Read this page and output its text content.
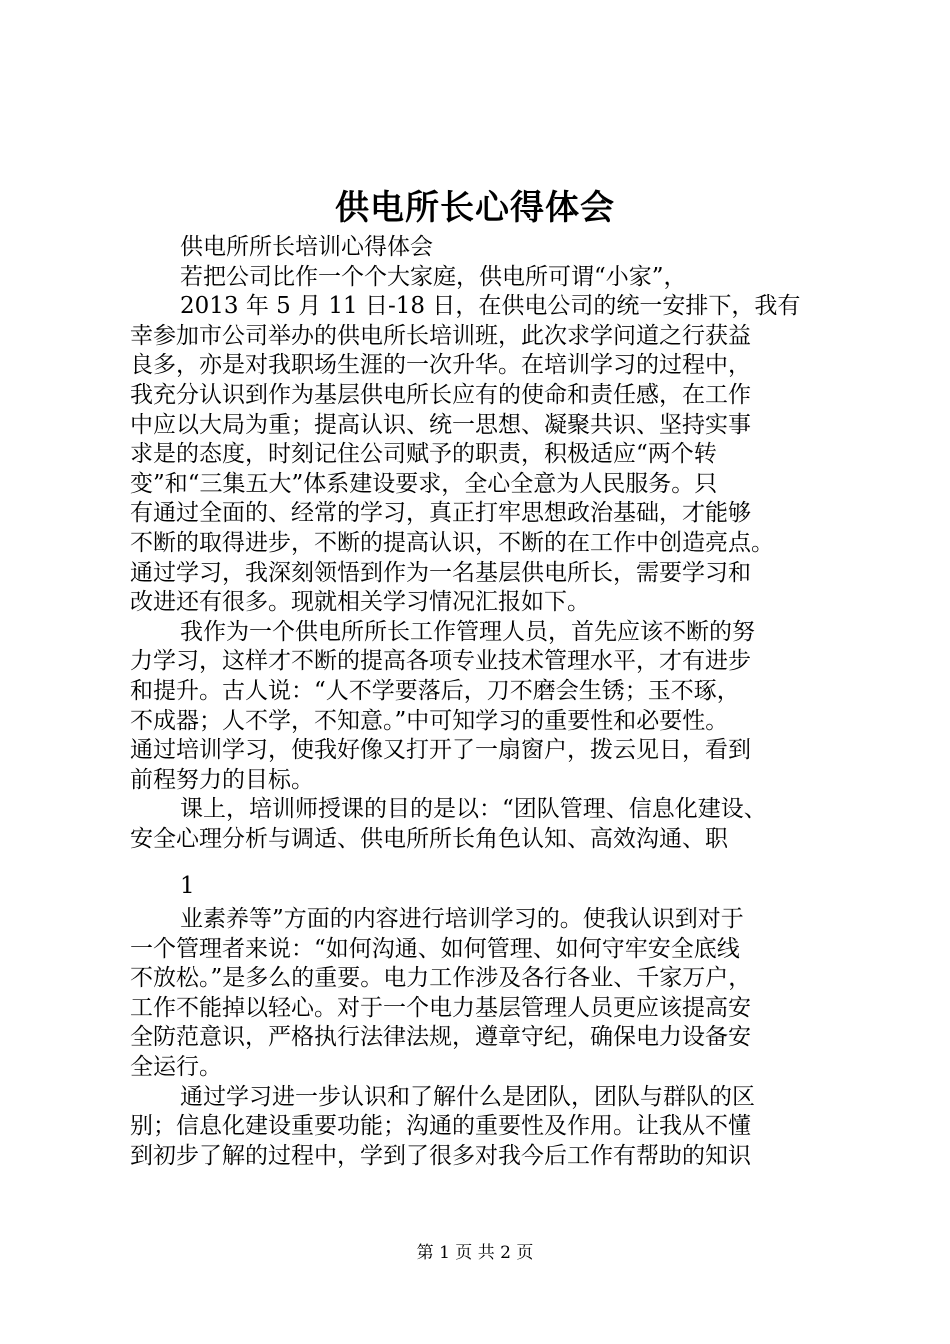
供电所长心得体会
供电所所长培训心得体会
若把公司比作一个个大家庭，供电所可谓“小家”，
2013 年 5 月 11 日-18 日，在供电公司的统一安排下，我有
幸参加市公司举办的供电所长培训班，此次求学问道之行获益
良多，亦是对我职场生涯的一次升华。在培训学习的过程中，
我充分认识到作为基层供电所长应有的使命和责任感，在工作
中应以大局为重；提高认识、统一思想、凝聚共识、坚持实事
求是的态度，时刻记住公司赋予的职责，积极适应“两个转
变”和“三集五大”体系建设要求，全心全意为人民服务。只
有通过全面的、经常的学习，真正打牢思想政治基础，才能够
不断的取得进步，不断的提高认识，不断的在工作中创造亮点。
通过学习，我深刻领悟到作为一名基层供电所长，需要学习和
改进还有很多。现就相关学习情况汇报如下。
我作为一个供电所所长工作管理人员，首先应该不断的努
力学习，这样才不断的提高各项专业技术管理水平，才有进步
和提升。古人说：“人不学要落后，刀不磨会生锈；玉不琢，
不成器；人不学，不知意。”中可知学习的重要性和必要性。
通过培训学习，使我好像又打开了一扇窗户，拨云见日，看到
前程努力的目标。
课上，培训师授课的目的是以：“团队管理、信息化建设、
安全心理分析与调适、供电所所长角色认知、高效沟通、职
1
业素养等”方面的内容进行培训学习的。使我认识到对于
一个管理者来说：“如何沟通、如何管理、如何守牢安全底线
不放松。”是多么的重要。电力工作涉及各行各业、千家万户，
工作不能掉以轻心。对于一个电力基层管理人员更应该提高安
全防范意识，严格执行法律法规，遵章守纪，确保电力设备安
全运行。
通过学习进一步认识和了解什么是团队，团队与群队的区
别；信息化建设重要功能；沟通的重要性及作用。让我从不懂
到初步了解的过程中，学到了很多对我今后工作有帮助的知识
第 1 页 共 2 页
